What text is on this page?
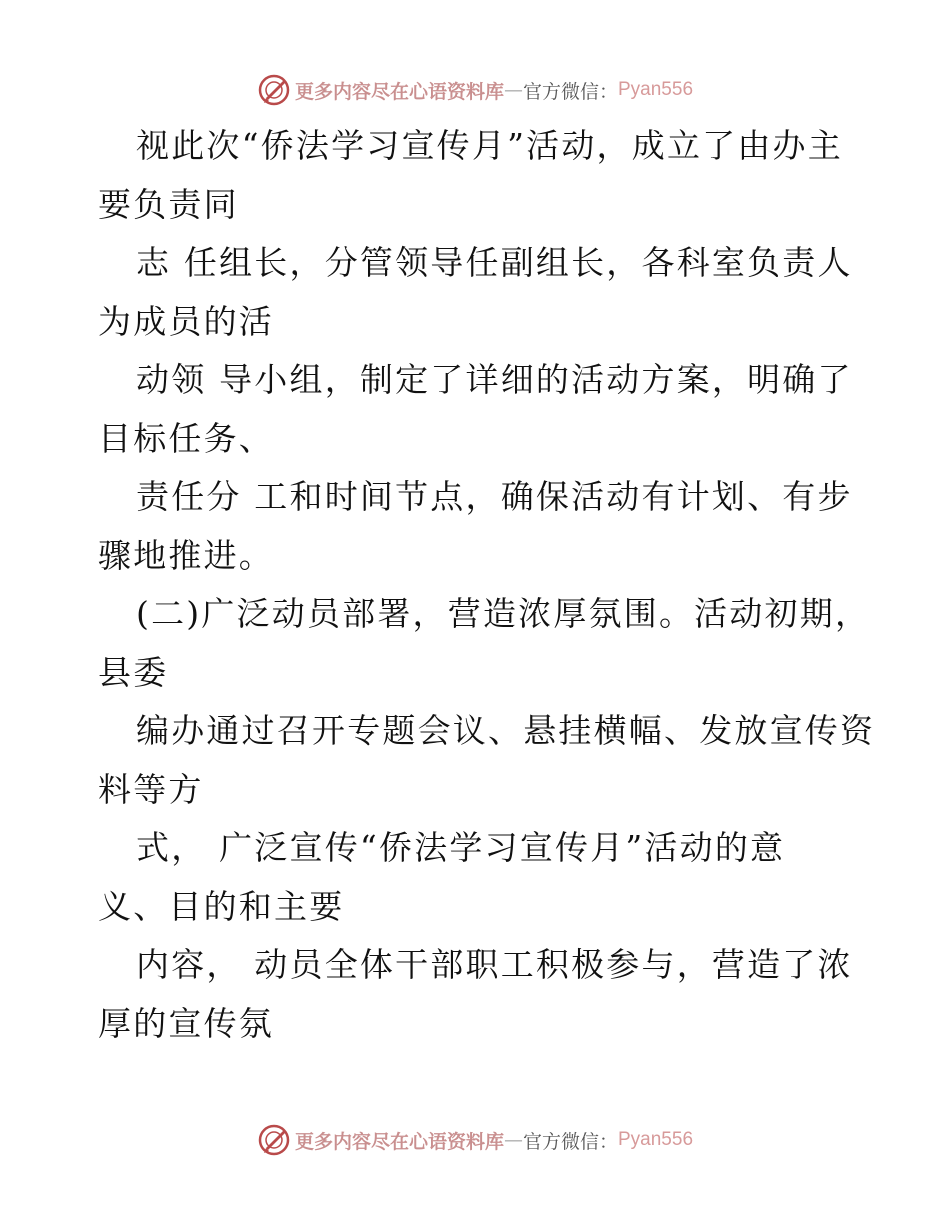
更多内容尽在心语资料库 — 官方微信： Pyan556

视此次“侨法学习宣传月”活动，成立了由办主

要负责同

志 任组长，分管领导任副组长，各科室负责人

为成员的活

动领 导小组，制定了详细的活动方案，明确了

目标任务、

责任分 工和时间节点，确保活动有计划、有步

骤地推进。

(二)广泛动员部署，营造浓厚氛围。活动初期，

县委

编办通过召开专题会议、悬挂横幅、发放宣传资

料等方

式， 广泛宣传“侨法学习宣传月”活动的意

义、目的和主要

内容， 动员全体干部职工积极参与，营造了浓

厚的宣传氛

更多内容尽在心语资料库 — 官方微信： Pyan556
